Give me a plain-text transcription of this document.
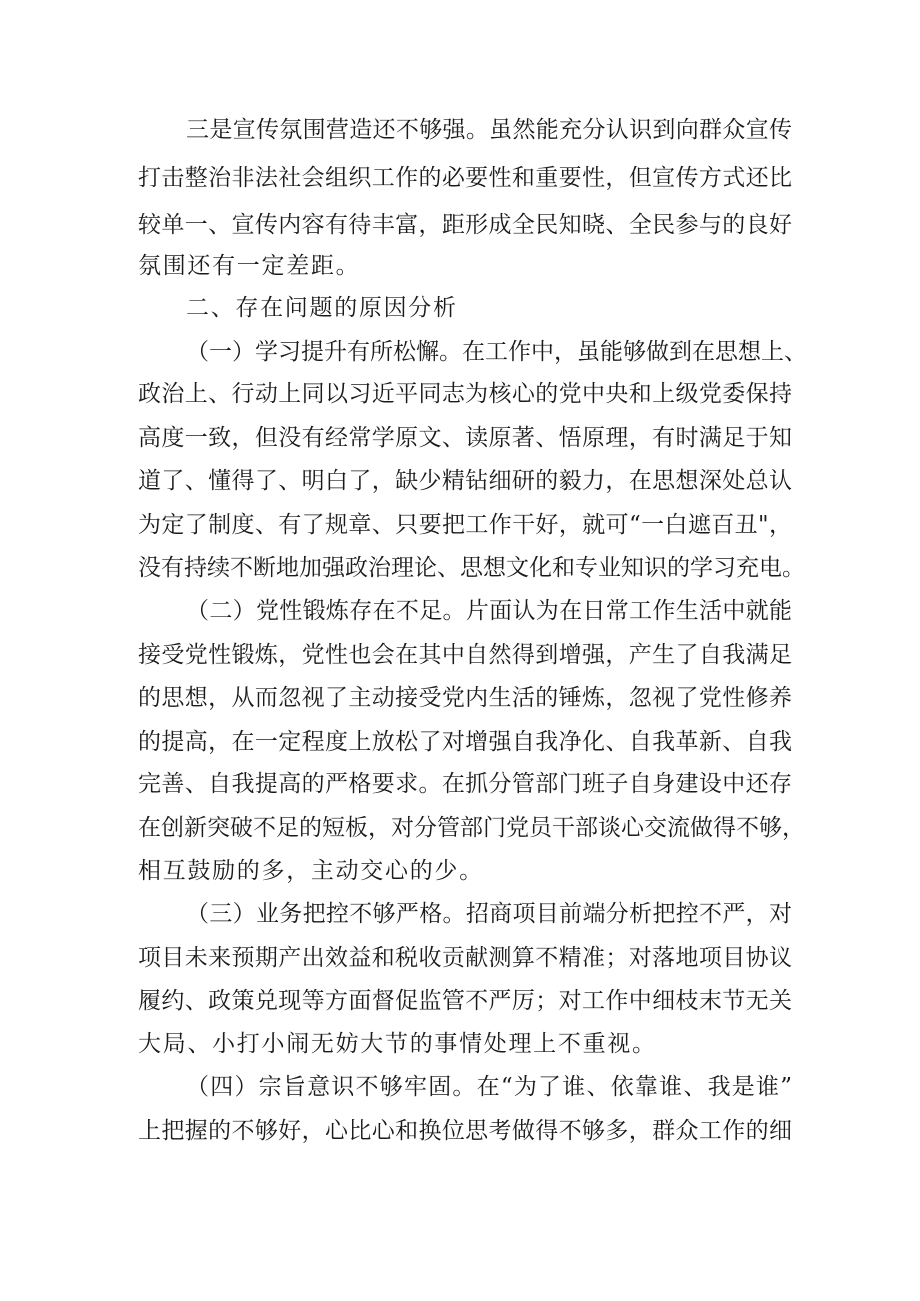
三是宣传氛围营造还不够强。虽然能充分认识到向群众宣传
打击整治非法社会组织工作的必要性和重要性，但宣传方式还比
较单一、宣传内容有待丰富，距形成全民知晓、全民参与的良好
氛围还有一定差距。
二、存在问题的原因分析
（一）学习提升有所松懈。在工作中，虽能够做到在思想上、
政治上、行动上同以习近平同志为核心的党中央和上级党委保持
高度一致，但没有经常学原文、读原著、悟原理，有时满足于知
道了、懂得了、明白了，缺少精钻细研的毅力，在思想深处总认
为定了制度、有了规章、只要把工作干好，就可“一白遮百丑"，
没有持续不断地加强政治理论、思想文化和专业知识的学习充电。
（二）党性锻炼存在不足。片面认为在日常工作生活中就能
接受党性锻炼，党性也会在其中自然得到增强，产生了自我满足
的思想，从而忽视了主动接受党内生活的锤炼，忽视了党性修养
的提高，在一定程度上放松了对增强自我净化、自我革新、自我
完善、自我提高的严格要求。在抓分管部门班子自身建设中还存
在创新突破不足的短板，对分管部门党员干部谈心交流做得不够，
相互鼓励的多，主动交心的少。
（三）业务把控不够严格。招商项目前端分析把控不严，对
项目未来预期产出效益和税收贡献测算不精准；对落地项目协议
履约、政策兑现等方面督促监管不严厉；对工作中细枝末节无关
大局、小打小闹无妨大节的事情处理上不重视。
（四）宗旨意识不够牢固。在“为了谁、依靠谁、我是谁”
上把握的不够好，心比心和换位思考做得不够多，群众工作的细
